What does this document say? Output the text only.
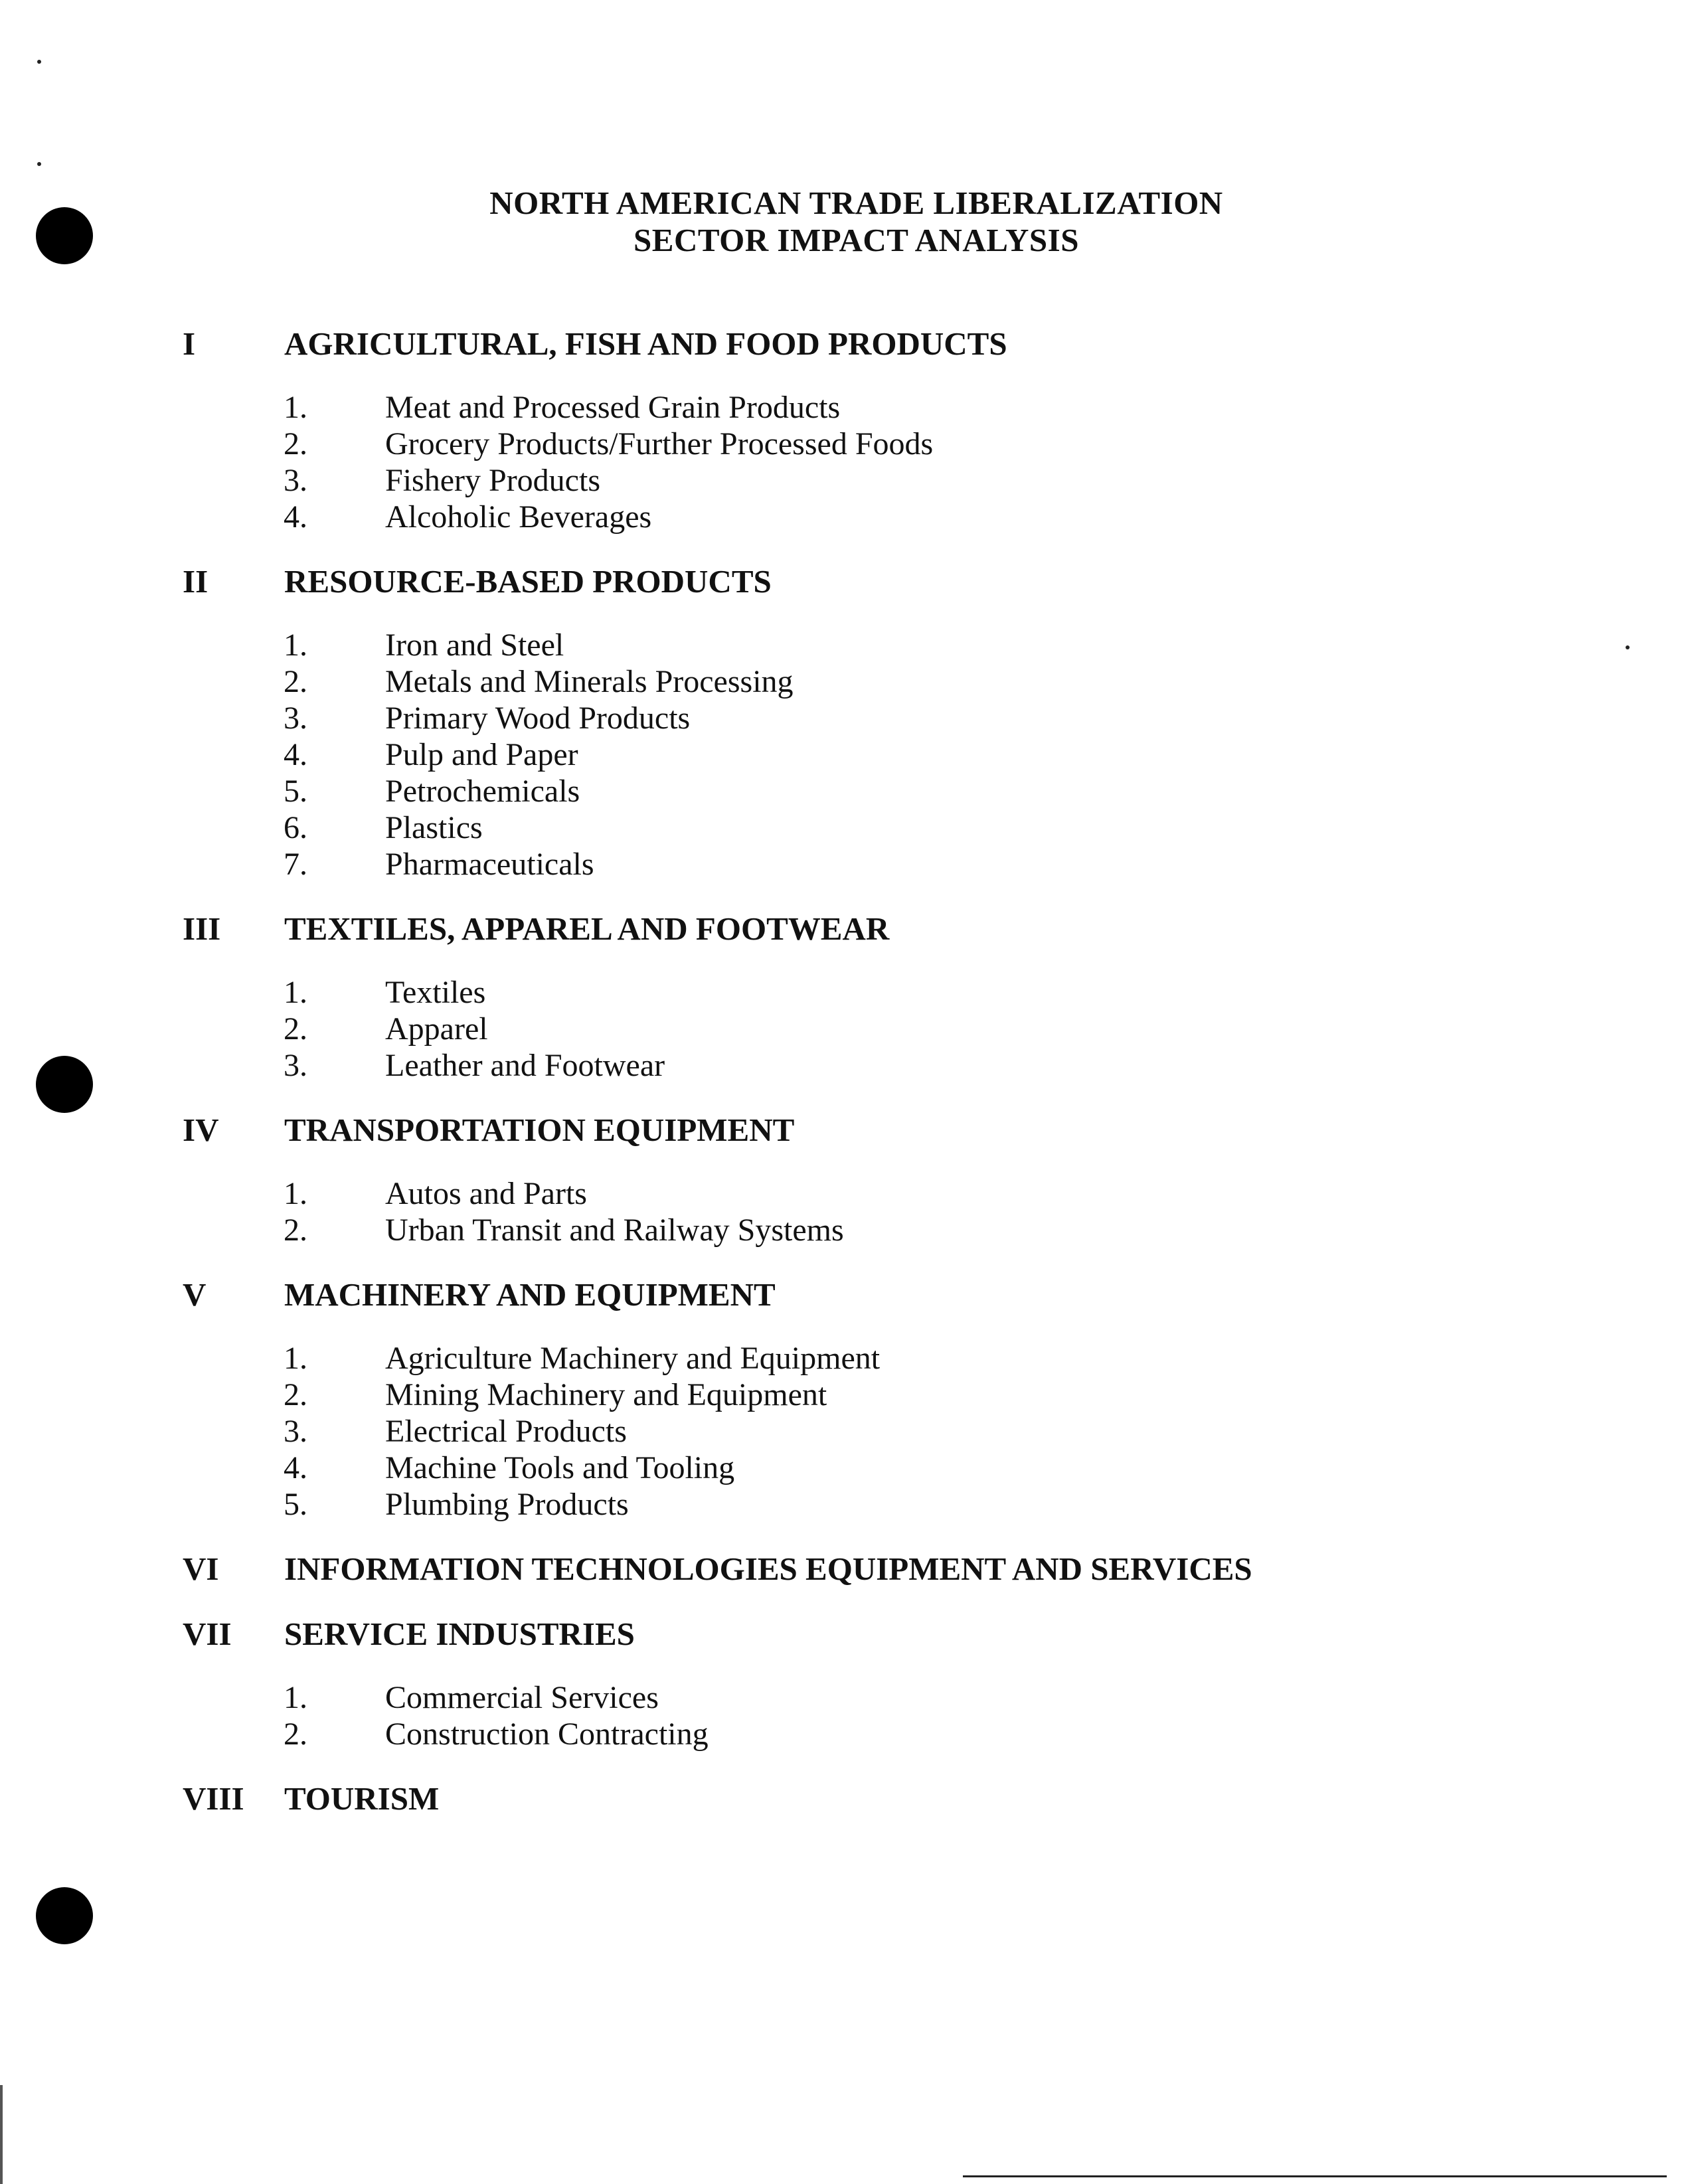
NORTH AMERICAN TRADE LIBERALIZATION
SECTOR IMPACT ANALYSIS
I	AGRICULTURAL, FISH AND FOOD PRODUCTS
1.	Meat and Processed Grain Products
2.	Grocery Products/Further Processed Foods
3.	Fishery Products
4.	Alcoholic Beverages
II	RESOURCE-BASED PRODUCTS
1.	Iron and Steel
2.	Metals and Minerals Processing
3.	Primary Wood Products
4.	Pulp and Paper
5.	Petrochemicals
6.	Plastics
7.	Pharmaceuticals
III	TEXTILES, APPAREL AND FOOTWEAR
1.	Textiles
2.	Apparel
3.	Leather and Footwear
IV	TRANSPORTATION EQUIPMENT
1.	Autos and Parts
2.	Urban Transit and Railway Systems
V	MACHINERY AND EQUIPMENT
1.	Agriculture Machinery and Equipment
2.	Mining Machinery and Equipment
3.	Electrical Products
4.	Machine Tools and Tooling
5.	Plumbing Products
VI	INFORMATION TECHNOLOGIES EQUIPMENT AND SERVICES
VII	SERVICE INDUSTRIES
1.	Commercial Services
2.	Construction Contracting
VIII	TOURISM
